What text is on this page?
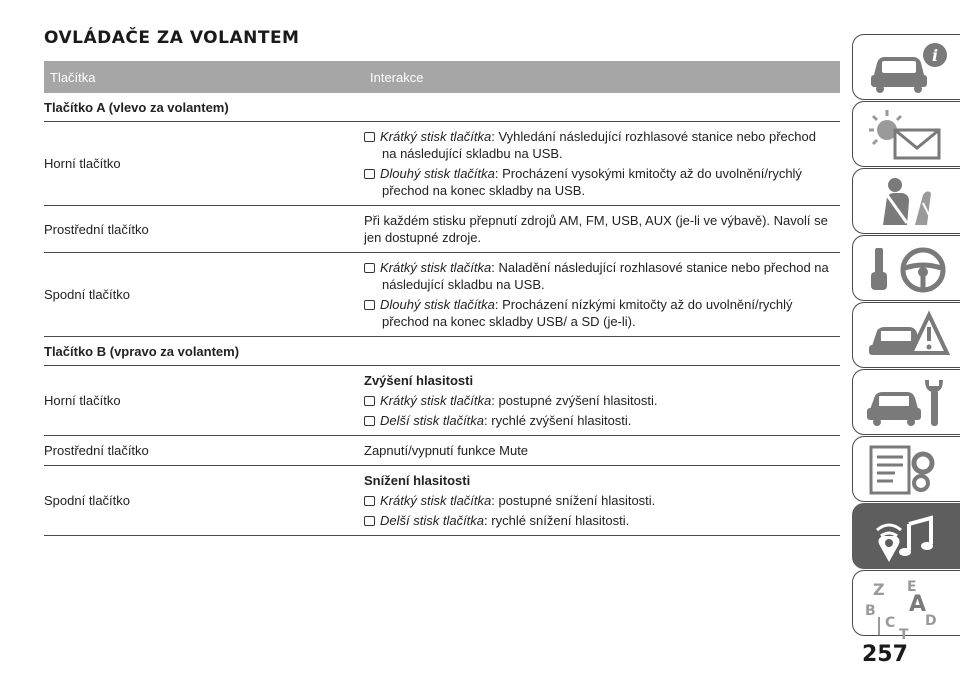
OVLÁDAČE ZA VOLANTEM
Tlačítka	Interakce
Tlačítko A (vlevo za volantem)
Horní tlačítko

Krátký stisk tlačítka: Vyhledání následující rozhlasové stanice nebo přechod na následující skladbu na USB.

Dlouhý stisk tlačítka: Procházení vysokými kmitočty až do uvolnění/rychlý přechod na konec skladby na USB.

Prostřední tlačítko

Při každém stisku přepnutí zdrojů AM, FM, USB, AUX (je-li ve výbavě). Navolí se jen dostupné zdroje.

Spodní tlačítko

Krátký stisk tlačítka: Naladění následující rozhlasové stanice nebo přechod na následující skladbu na USB.

Dlouhý stisk tlačítka: Procházení nízkými kmitočty až do uvolnění/rychlý přechod na konec skladby USB/ a SD (je-li).

Tlačítko B (vpravo za volantem)
Horní tlačítko

Zvýšení hlasitosti

Krátký stisk tlačítka: postupné zvýšení hlasitosti.

Delší stisk tlačítka: rychlé zvýšení hlasitosti.

Prostřední tlačítko	Zapnutí/vypnutí funkce Mute

Spodní tlačítko

Snížení hlasitosti

Krátký stisk tlačítka: postupné snížení hlasitosti.

Delší stisk tlačítka: rychlé snížení hlasitosti.

i
Z E
B A
C D
T
257
